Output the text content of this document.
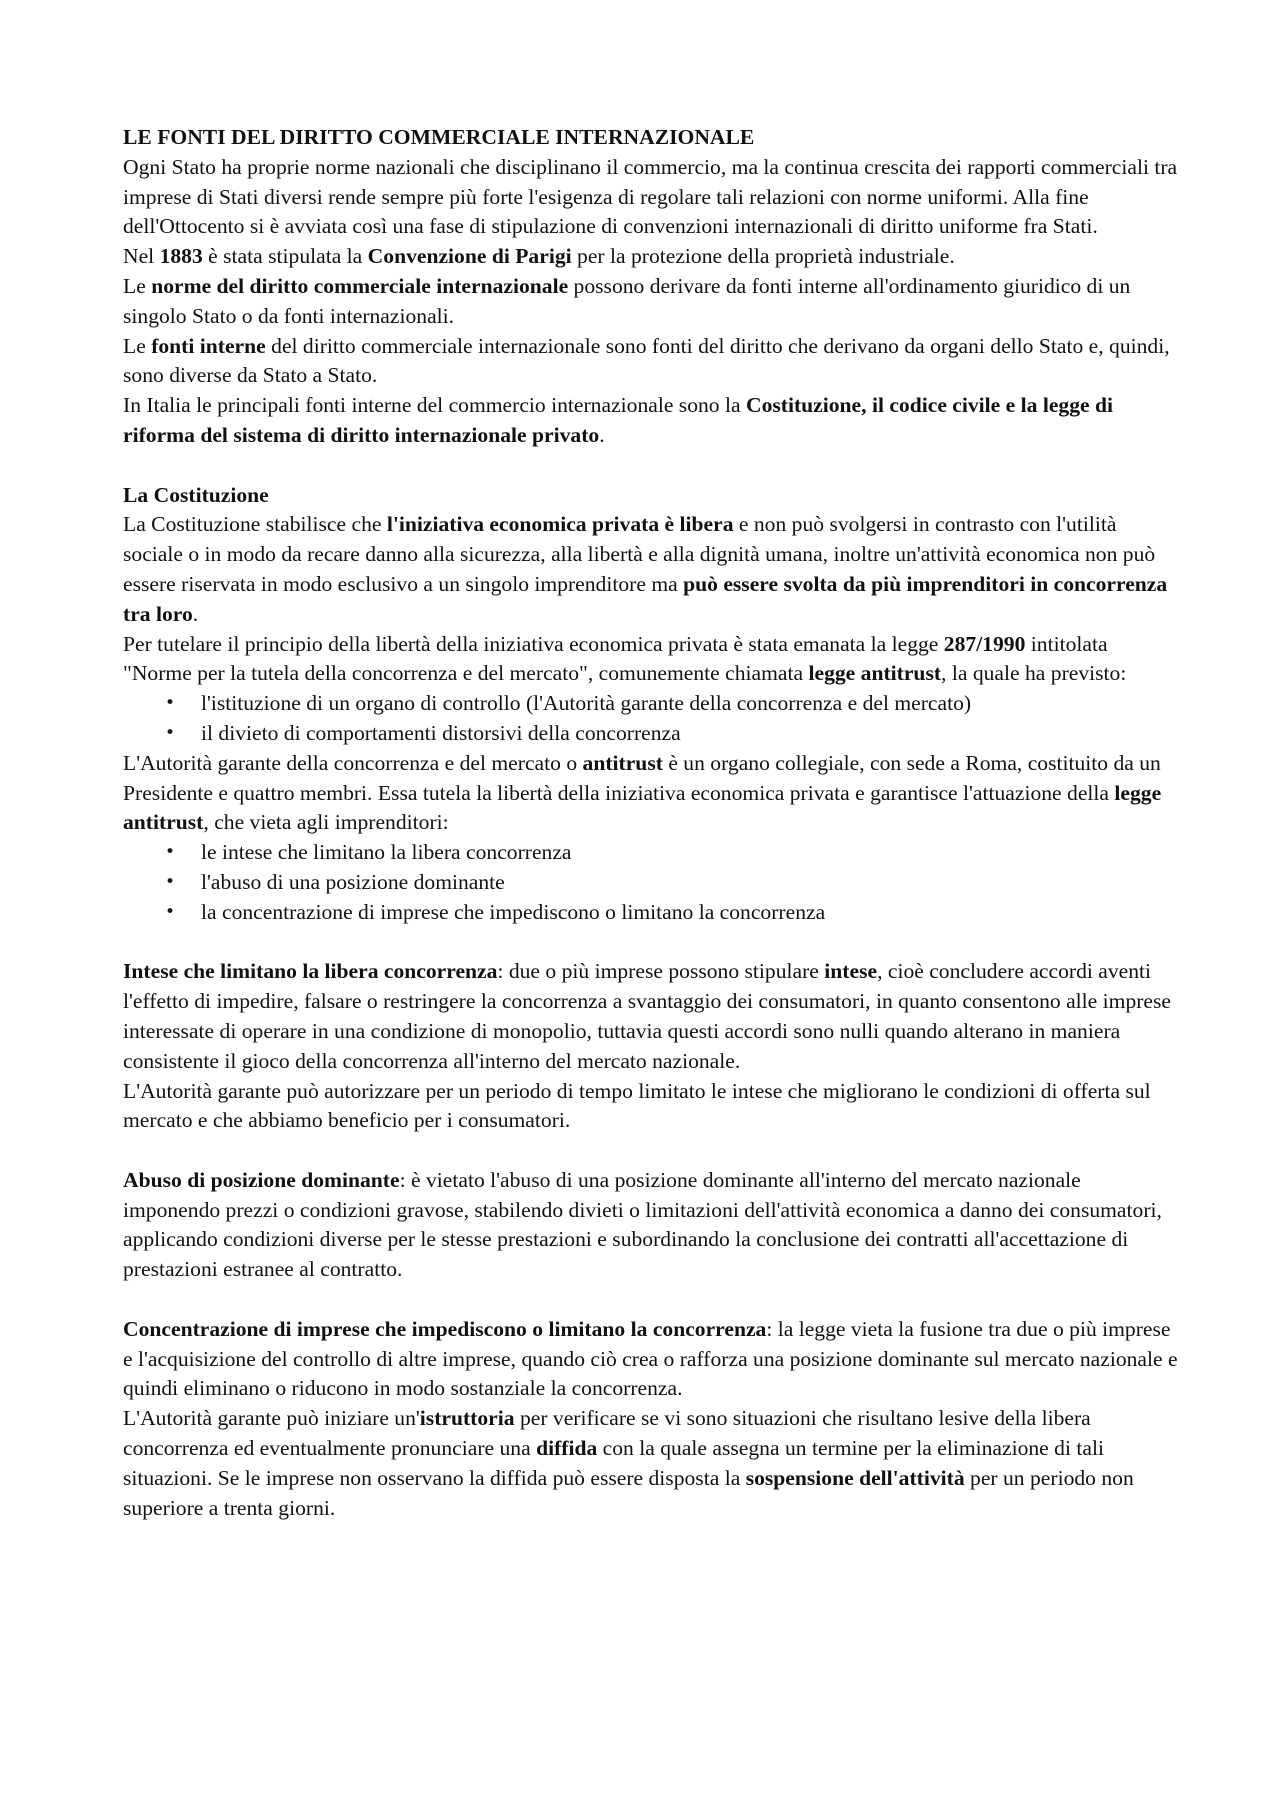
LE FONTI DEL DIRITTO COMMERCIALE INTERNAZIONALE

Ogni Stato ha proprie norme nazionali che disciplinano il commercio, ma la continua crescita dei rapporti commerciali tra imprese di Stati diversi rende sempre più forte l'esigenza di regolare tali relazioni con norme uniformi. Alla fine dell'Ottocento si è avviata così una fase di stipulazione di convenzioni internazionali di diritto uniforme fra Stati.

Nel 1883 è stata stipulata la Convenzione di Parigi per la protezione della proprietà industriale.

Le norme del diritto commerciale internazionale possono derivare da fonti interne all'ordinamento giuridico di un singolo Stato o da fonti internazionali.

Le fonti interne del diritto commerciale internazionale sono fonti del diritto che derivano da organi dello Stato e, quindi, sono diverse da Stato a Stato.

In Italia le principali fonti interne del commercio internazionale sono la Costituzione, il codice civile e la legge di riforma del sistema di diritto internazionale privato.

La Costituzione

La Costituzione stabilisce che l'iniziativa economica privata è libera e non può svolgersi in contrasto con l'utilità sociale o in modo da recare danno alla sicurezza, alla libertà e alla dignità umana, inoltre un'attività economica non può essere riservata in modo esclusivo a un singolo imprenditore ma può essere svolta da più imprenditori in concorrenza tra loro.

Per tutelare il principio della libertà della iniziativa economica privata è stata emanata la legge 287/1990 intitolata "Norme per la tutela della concorrenza e del mercato", comunemente chiamata legge antitrust, la quale ha previsto:

• l'istituzione di un organo di controllo (l'Autorità garante della concorrenza e del mercato)
• il divieto di comportamenti distorsivi della concorrenza

L'Autorità garante della concorrenza e del mercato o antitrust è un organo collegiale, con sede a Roma, costituito da un Presidente e quattro membri. Essa tutela la libertà della iniziativa economica privata e garantisce l'attuazione della legge antitrust, che vieta agli imprenditori:

• le intese che limitano la libera concorrenza
• l'abuso di una posizione dominante
• la concentrazione di imprese che impediscono o limitano la concorrenza

Intese che limitano la libera concorrenza: due o più imprese possono stipulare intese, cioè concludere accordi aventi l'effetto di impedire, falsare o restringere la concorrenza a svantaggio dei consumatori, in quanto consentono alle imprese interessate di operare in una condizione di monopolio, tuttavia questi accordi sono nulli quando alterano in maniera consistente il gioco della concorrenza all'interno del mercato nazionale.

L'Autorità garante può autorizzare per un periodo di tempo limitato le intese che migliorano le condizioni di offerta sul mercato e che abbiamo beneficio per i consumatori.

Abuso di posizione dominante: è vietato l'abuso di una posizione dominante all'interno del mercato nazionale imponendo prezzi o condizioni gravose, stabilendo divieti o limitazioni dell'attività economica a danno dei consumatori, applicando condizioni diverse per le stesse prestazioni e subordinando la conclusione dei contratti all'accettazione di prestazioni estranee al contratto.

Concentrazione di imprese che impediscono o limitano la concorrenza: la legge vieta la fusione tra due o più imprese e l'acquisizione del controllo di altre imprese, quando ciò crea o rafforza una posizione dominante sul mercato nazionale e quindi eliminano o riducono in modo sostanziale la concorrenza.

L'Autorità garante può iniziare un'istruttoria per verificare se vi sono situazioni che risultano lesive della libera concorrenza ed eventualmente pronunciare una diffida con la quale assegna un termine per la eliminazione di tali situazioni. Se le imprese non osservano la diffida può essere disposta la sospensione dell'attività per un periodo non superiore a trenta giorni.
